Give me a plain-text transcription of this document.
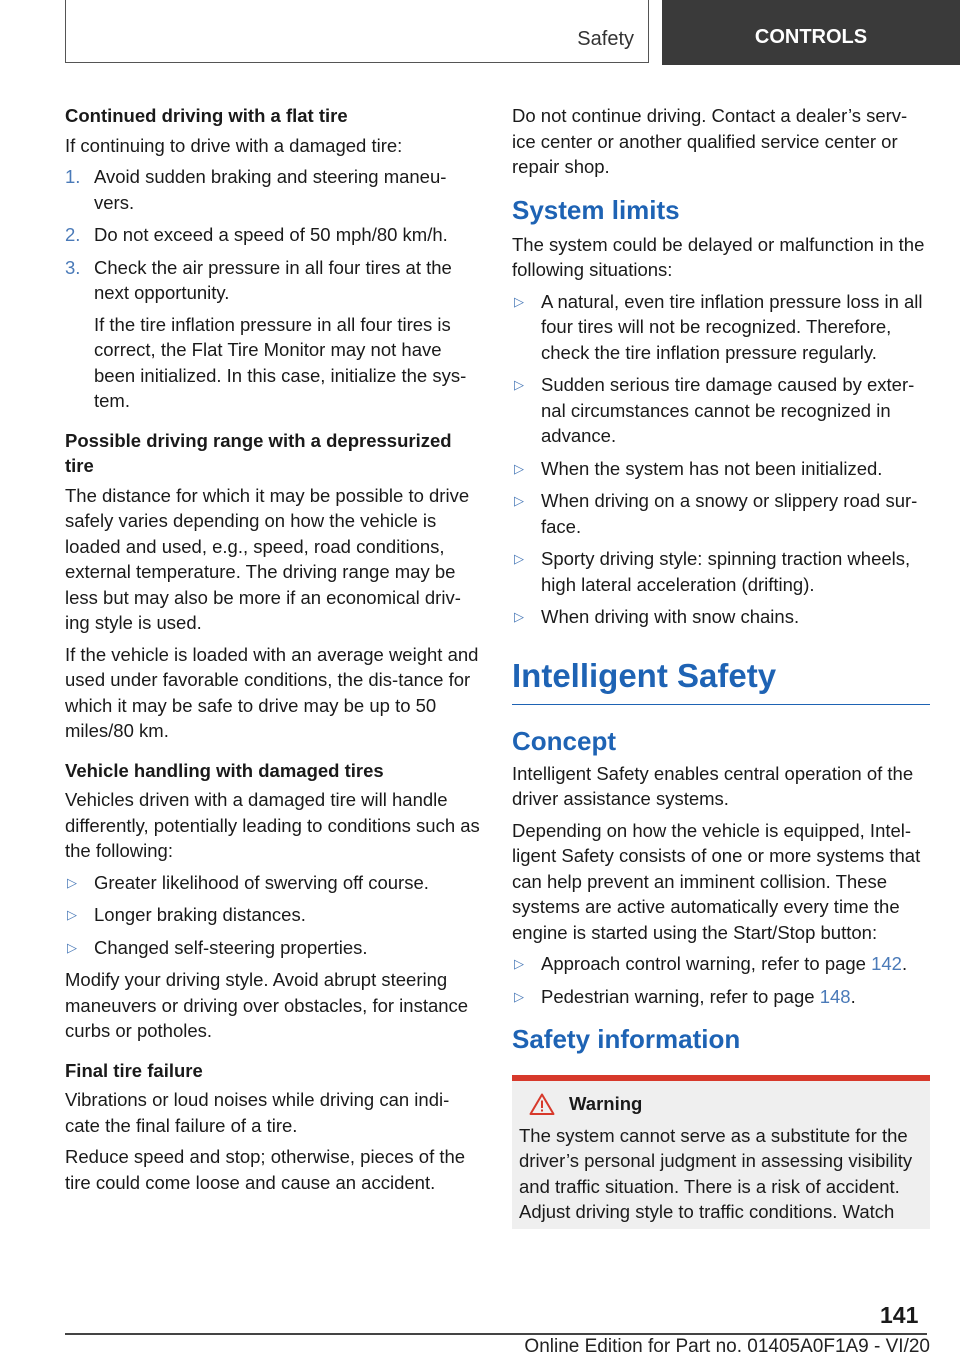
Safety	CONTROLS

Continued driving with a flat tire

If continuing to drive with a damaged tire:

1. Avoid sudden braking and steering maneu-vers.
2. Do not exceed a speed of 50 mph/80 km/h.
3. Check the air pressure in all four tires at the next opportunity.

If the tire inflation pressure in all four tires is correct, the Flat Tire Monitor may not have been initialized. In this case, initialize the sys-tem.

Possible driving range with a depressurized tire

The distance for which it may be possible to drive safely varies depending on how the vehicle is loaded and used, e.g., speed, road conditions, external temperature. The driving range may be less but may also be more if an economical driv-ing style is used.

If the vehicle is loaded with an average weight and used under favorable conditions, the dis-tance for which it may be safe to drive may be up to 50 miles/80 km.

Vehicle handling with damaged tires

Vehicles driven with a damaged tire will handle differently, potentially leading to conditions such as the following:

▷ Greater likelihood of swerving off course.
▷ Longer braking distances.
▷ Changed self-steering properties.

Modify your driving style. Avoid abrupt steering maneuvers or driving over obstacles, for instance curbs or potholes.

Final tire failure

Vibrations or loud noises while driving can indi-cate the final failure of a tire.

Reduce speed and stop; otherwise, pieces of the tire could come loose and cause an accident.

Do not continue driving. Contact a dealer’s serv-ice center or another qualified service center or repair shop.

System limits

The system could be delayed or malfunction in the following situations:

▷ A natural, even tire inflation pressure loss in all four tires will not be recognized. Therefore, check the tire inflation pressure regularly.
▷ Sudden serious tire damage caused by exter-nal circumstances cannot be recognized in advance.
▷ When the system has not been initialized.
▷ When driving on a snowy or slippery road sur-face.
▷ Sporty driving style: spinning traction wheels, high lateral acceleration (drifting).
▷ When driving with snow chains.
Intelligent Safety
Concept

Intelligent Safety enables central operation of the driver assistance systems.

Depending on how the vehicle is equipped, Intel-ligent Safety consists of one or more systems that can help prevent an imminent collision. These systems are active automatically every time the engine is started using the Start/Stop button:

▷ Approach control warning, refer to page 142.
▷ Pedestrian warning, refer to page 148.
Safety information
Warning

The system cannot serve as a substitute for the driver’s personal judgment in assessing visibility and traffic situation. There is a risk of accident. Adjust driving style to traffic conditions. Watch

141
Online Edition for Part no. 01405A0F1A9 - VI/20
